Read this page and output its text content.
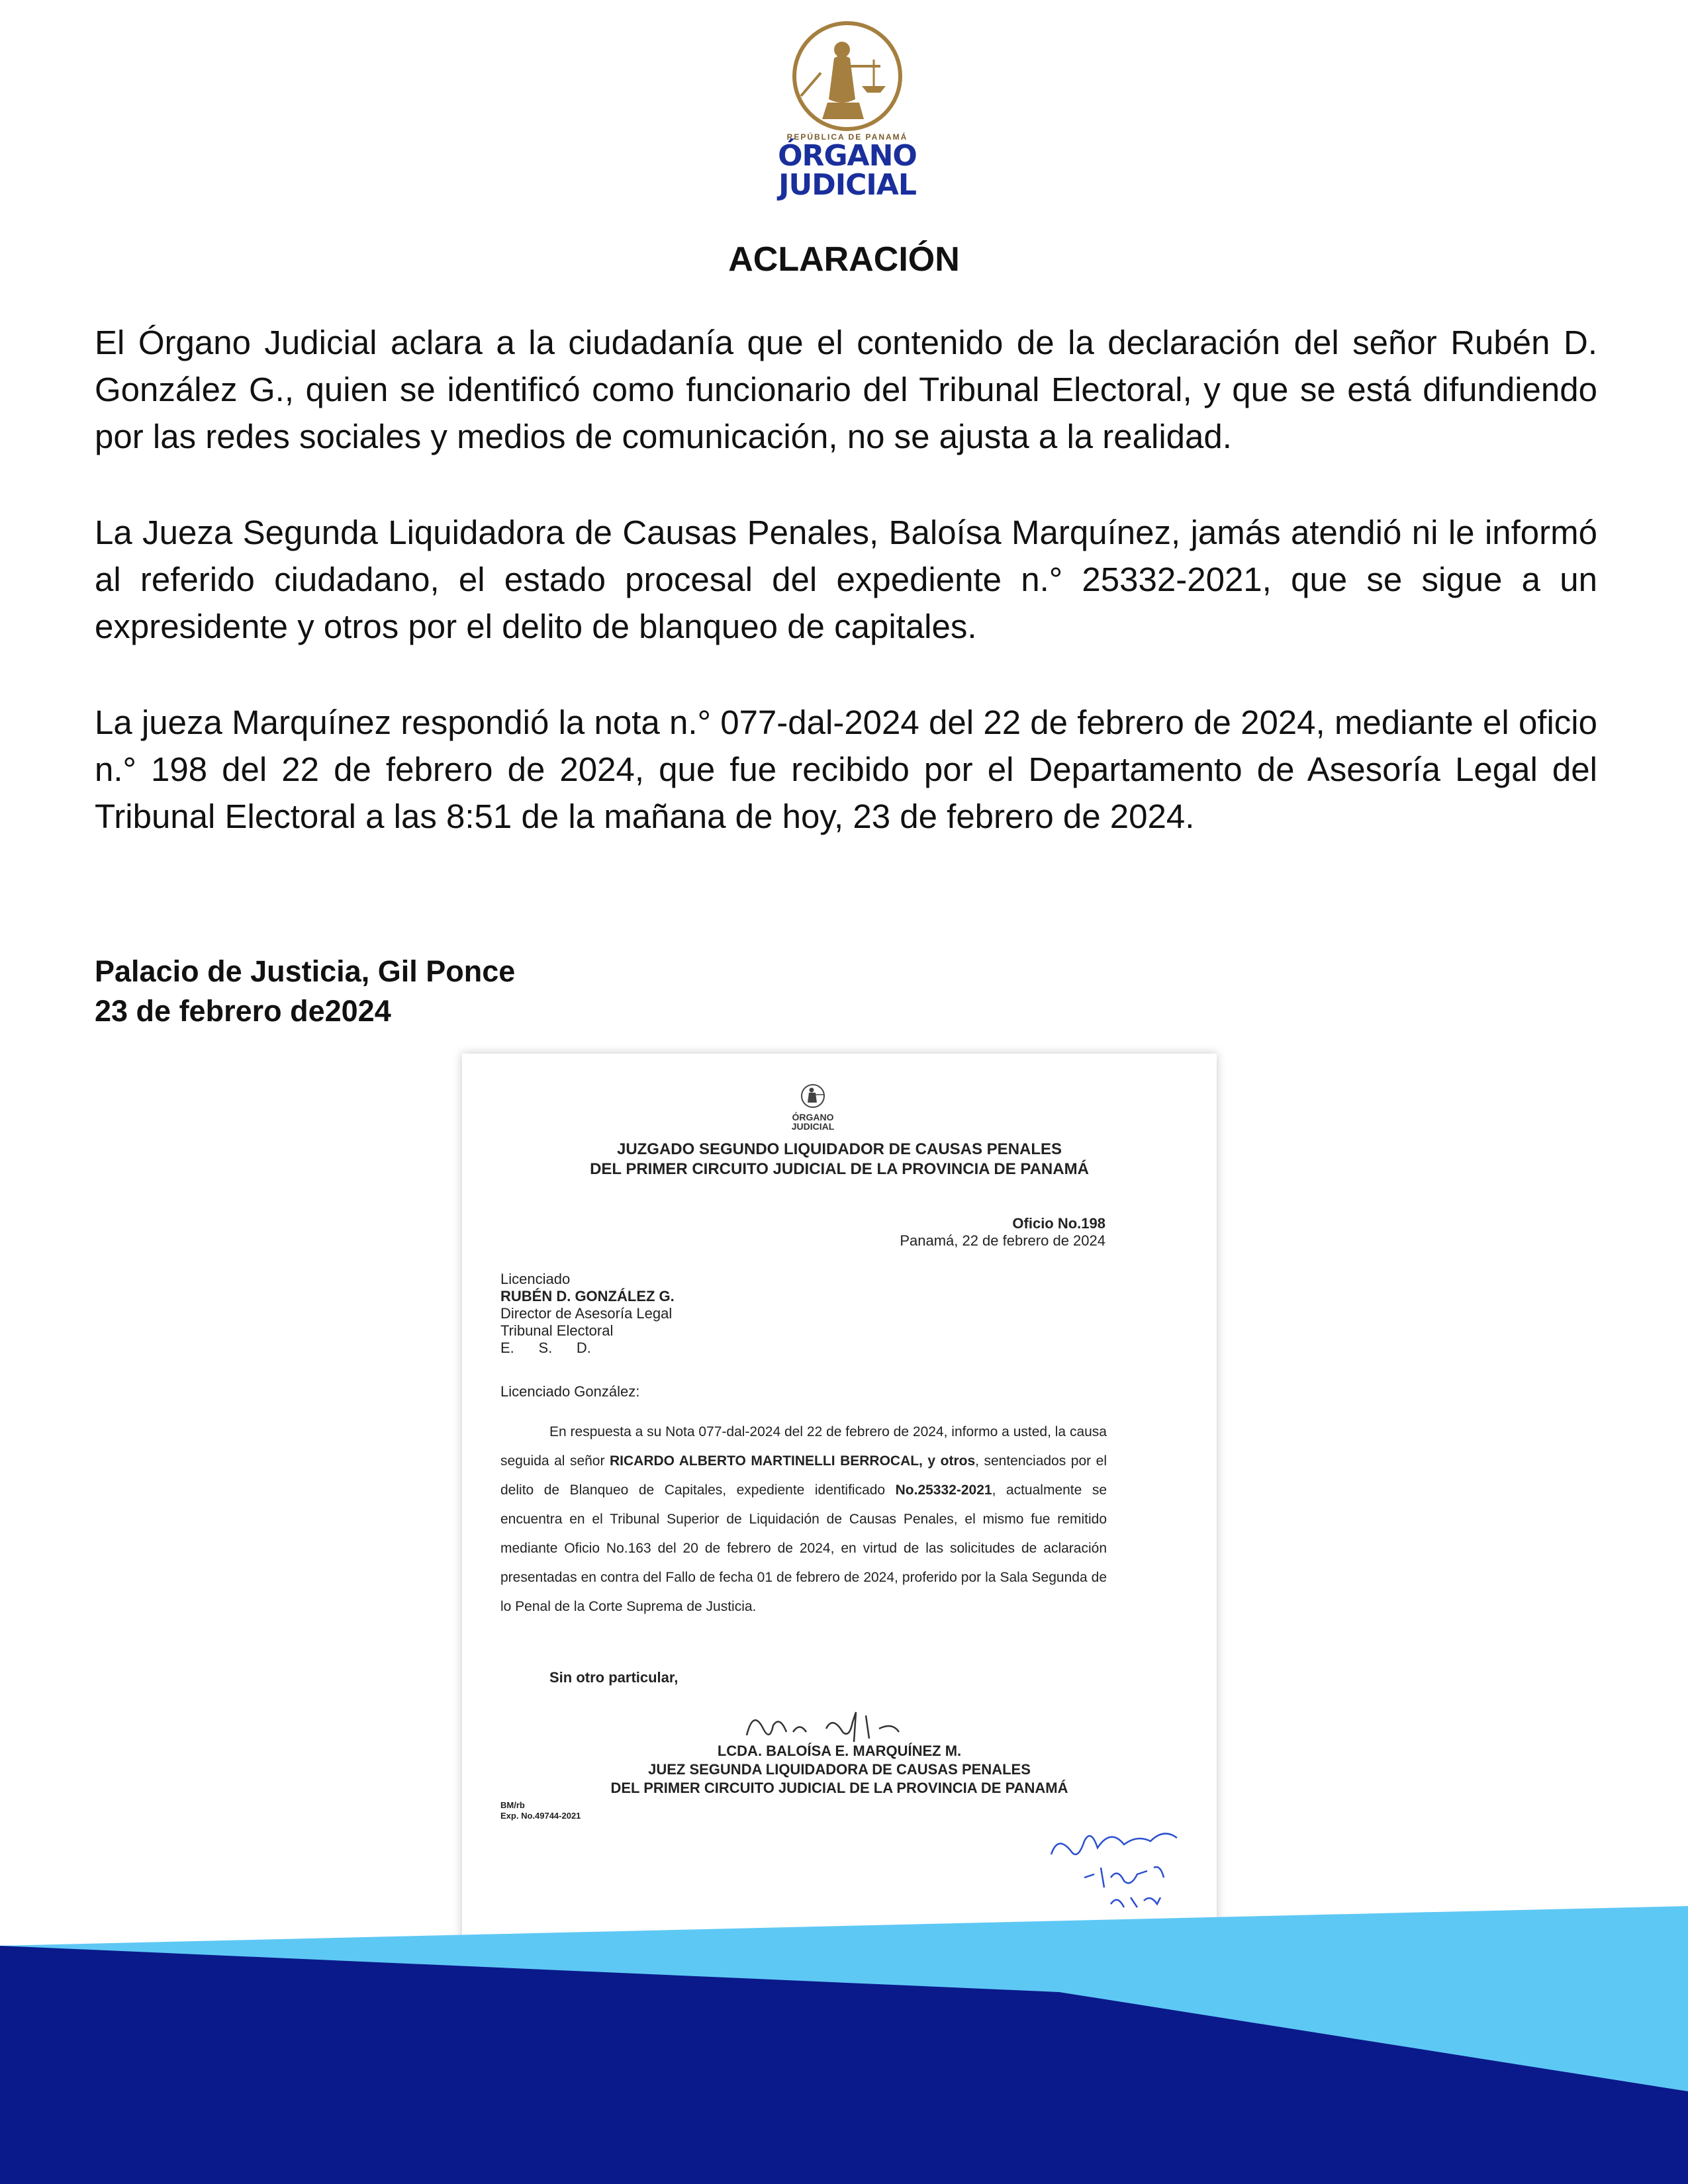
REPÚBLICA DE PANAMÁ
ÓRGANO
JUDICIAL
ACLARACIÓN

El Órgano Judicial aclara a la ciudadanía que el contenido de la declaración del señor Rubén D. González G., quien se identificó como funcionario del Tribunal Electoral, y que se está difundiendo por las redes sociales y medios de comunicación, no se ajusta a la realidad.

La Jueza Segunda Liquidadora de Causas Penales, Baloísa Marquínez, jamás atendió ni le informó al referido ciudadano, el estado procesal del expediente n.° 25332-2021, que se sigue a un expresidente y otros por el delito de blanqueo de capitales.

La jueza Marquínez respondió la nota n.° 077-dal-2024 del 22 de febrero de 2024, mediante el oficio n.° 198 del 22 de febrero de 2024, que fue recibido por el Departamento de Asesoría Legal del Tribunal Electoral a las 8:51 de la mañana de hoy, 23 de febrero de 2024.

Palacio de Justicia, Gil Ponce
23 de febrero de2024
ÓRGANO
JUDICIAL
JUZGADO SEGUNDO LIQUIDADOR DE CAUSAS PENALES
DEL PRIMER CIRCUITO JUDICIAL DE LA PROVINCIA DE PANAMÁ
Oficio No.198
Panamá, 22 de febrero de 2024
Licenciado
RUBÉN D. GONZÁLEZ G.
Director de Asesoría Legal
Tribunal Electoral
E.      S.      D.
Licenciado González:
En respuesta a su Nota 077-dal-2024 del 22 de febrero de 2024, informo a usted, la causa seguida al señor RICARDO ALBERTO MARTINELLI BERROCAL, y otros, sentenciados por el delito de Blanqueo de Capitales, expediente identificado No.25332-2021, actualmente se encuentra en el Tribunal Superior de Liquidación de Causas Penales, el mismo fue remitido mediante Oficio No.163 del 20 de febrero de 2024, en virtud de las solicitudes de aclaración presentadas en contra del Fallo de fecha 01 de febrero de 2024, proferido por la Sala Segunda de lo Penal de la Corte Suprema de Justicia.
Sin otro particular,
LCDA. BALOÍSA E. MARQUÍNEZ M.
JUEZ SEGUNDA LIQUIDADORA DE CAUSAS PENALES
DEL PRIMER CIRCUITO JUDICIAL DE LA PROVINCIA DE PANAMÁ
BM/rb
Exp. No.49744-2021
